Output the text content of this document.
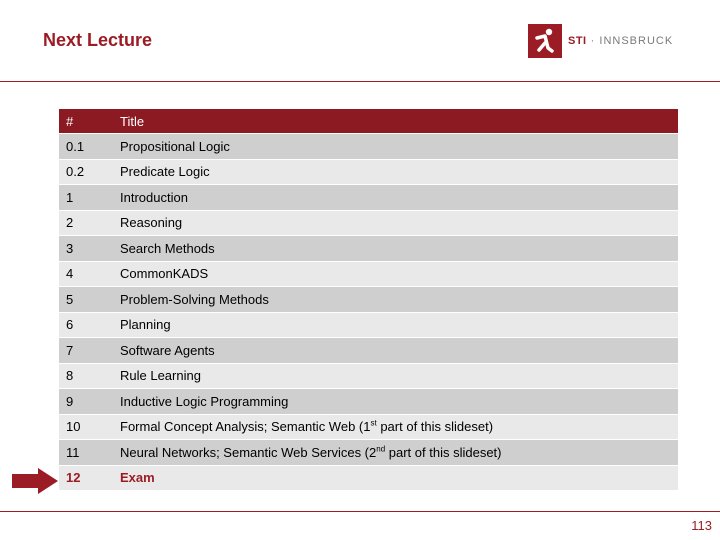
Next Lecture	STI · INNSBRUCK
#	Title
0.1	Propositional Logic
0.2	Predicate Logic
1	Introduction
2	Reasoning
3	Search Methods
4	CommonKADS
5	Problem-Solving Methods
6	Planning
7	Software Agents
8	Rule Learning
9	Inductive Logic Programming
10	Formal Concept Analysis; Semantic Web (1st part of this slideset)
11	Neural Networks; Semantic Web Services (2nd part of this slideset)
12	Exam
113
